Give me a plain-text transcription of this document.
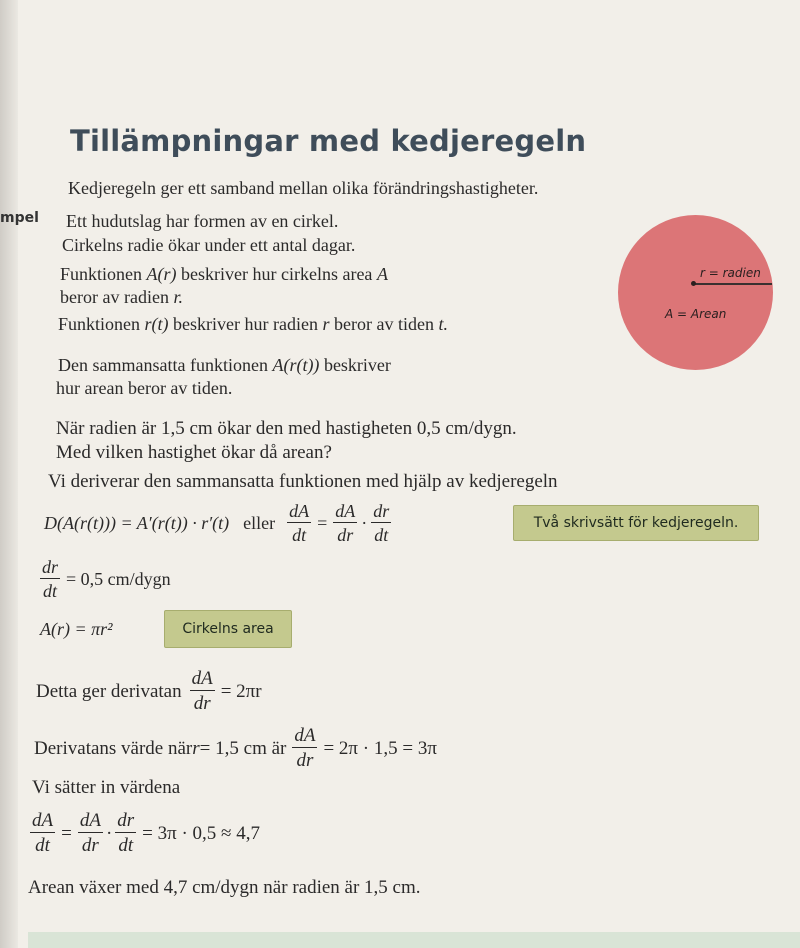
Tillämpningar med kedjeregeln
Kedjeregeln ger ett samband mellan olika förändringshastigheter.
mpel Ett hudutslag har formen av en cirkel.
Cirkelns radie ökar under ett antal dagar.
Funktionen A(r) beskriver hur cirkelns area A
beror av radien r.
Funktionen r(t) beskriver hur radien r beror av tiden t.
Den sammansatta funktionen A(r(t)) beskriver
hur arean beror av tiden.
r = radien
A = Arean
När radien är 1,5 cm ökar den med hastigheten 0,5 cm/dygn.
Med vilken hastighet ökar då arean?
Vi deriverar den sammansatta funktionen med hjälp av kedjeregeln
D(A(r(t))) = A′(r(t)) · r′(t) eller $\frac{dA}{dt} = \frac{dA}{dr} \cdot \frac{dr}{dt}$	Två skrivsätt för kedjeregeln.
$\frac{dr}{dt} = 0,5$ cm/dygn
A(r) = πr²	Cirkelns area
Detta ger derivatan $\frac{dA}{dr} = 2\pi r$
Derivatans värde när r = 1,5 cm är $\frac{dA}{dr} = 2\pi \cdot 1,5 = 3\pi$
Vi sätter in värdena
$\frac{dA}{dt} = \frac{dA}{dr} \cdot \frac{dr}{dt} = 3\pi \cdot 0,5 \approx 4,7$
Arean växer med 4,7 cm/dygn när radien är 1,5 cm.
